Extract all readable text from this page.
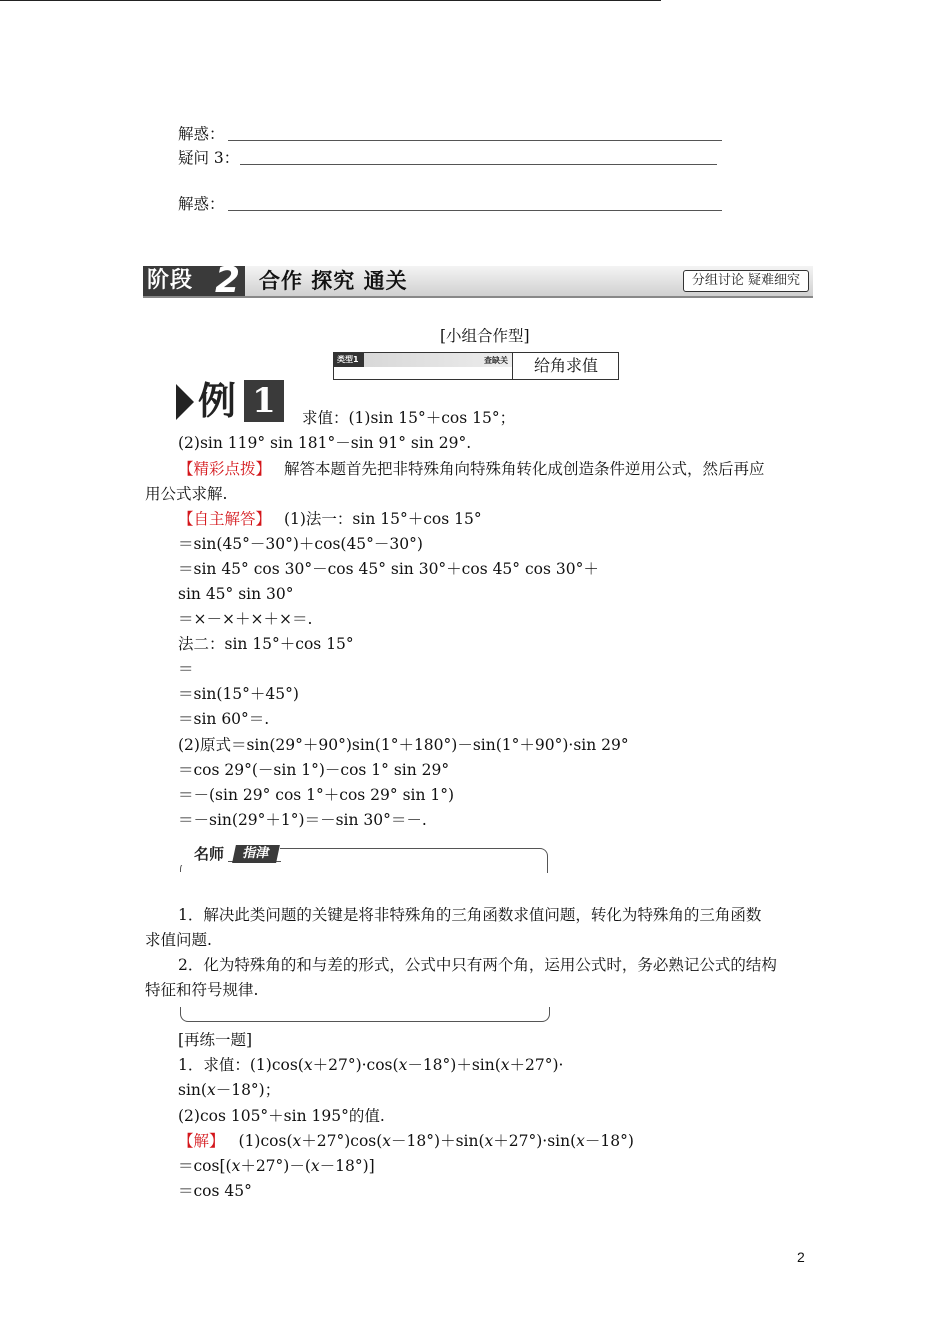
解惑：
疑问 3：
解惑：
阶段 2 合作 探究 通关	分组讨论 疑难细究
[小组合作型]
类型1	查缺关 给角求值
例 1	求值：(1)sin 15°＋cos 15°；
(2)sin 119° sin 181°－sin 91° sin 29°.
【精彩点拨】 解答本题首先把非特殊角向特殊角转化成创造条件逆用公式，然后再应
用公式求解.
【自主解答】 (1)法一：sin 15°＋cos 15°
＝sin(45°－30°)＋cos(45°－30°)
＝sin 45° cos 30°－cos 45° sin 30°＋cos 45° cos 30°＋
sin 45° sin 30°
＝×－×＋×＋×＝.
法二：sin 15°＋cos 15°
＝
＝sin(15°＋45°)
＝sin 60°＝.
(2)原式＝sin(29°＋90°)sin(1°＋180°)－sin(1°＋90°)·sin 29°
＝cos 29°(－sin 1°)－cos 1° sin 29°
＝－(sin 29° cos 1°＋cos 29° sin 1°)
＝－sin(29°＋1°)＝－sin 30°＝－.
名师	指津
1．解决此类问题的关键是将非特殊角的三角函数求值问题，转化为特殊角的三角函数
求值问题.
2．化为特殊角的和与差的形式，公式中只有两个角，运用公式时，务必熟记公式的结构
特征和符号规律.
[再练一题]
1．求值：(1)cos(x＋27°)·cos(x－18°)＋sin(x＋27°)·
sin(x－18°)；
(2)cos 105°＋sin 195°的值.
【解】 (1)cos(x＋27°)cos(x－18°)＋sin(x＋27°)·sin(x－18°)
＝cos[(x＋27°)－(x－18°)]
＝cos 45°
2
